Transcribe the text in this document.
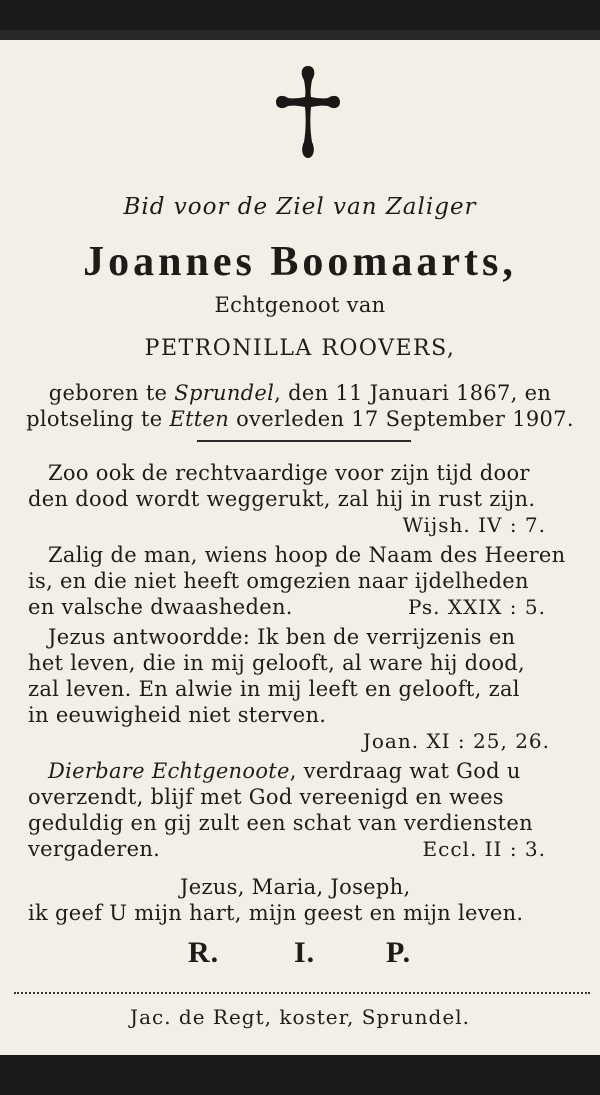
Bid voor de Ziel van Zaliger
Joannes Boomaarts,
Echtgenoot van
PETRONILLA ROOVERS,
geboren te Sprundel, den 11 Januari 1867, en
plotseling te Etten overleden 17 September 1907.
Zoo ook de rechtvaardige voor zijn tijd door
den dood wordt weggerukt, zal hij in rust zijn.
Wijsh. IV : 7.
Zalig de man, wiens hoop de Naam des Heeren
is, en die niet heeft omgezien naar ijdelheden
en valsche dwaasheden.	Ps. XXIX : 5.
Jezus antwoordde: Ik ben de verrijzenis en
het leven, die in mij gelooft, al ware hij dood,
zal leven. En alwie in mij leeft en gelooft, zal
in eeuwigheid niet sterven.
Joan. XI : 25, 26.
Dierbare Echtgenoote, verdraag wat God u
overzendt, blijf met God vereenigd en wees
geduldig en gij zult een schat van verdiensten
vergaderen.	Eccl. II : 3.
Jezus, Maria, Joseph,
ik geef U mijn hart, mijn geest en mijn leven.
R. I. P.
Jac. de Regt, koster, Sprundel.
